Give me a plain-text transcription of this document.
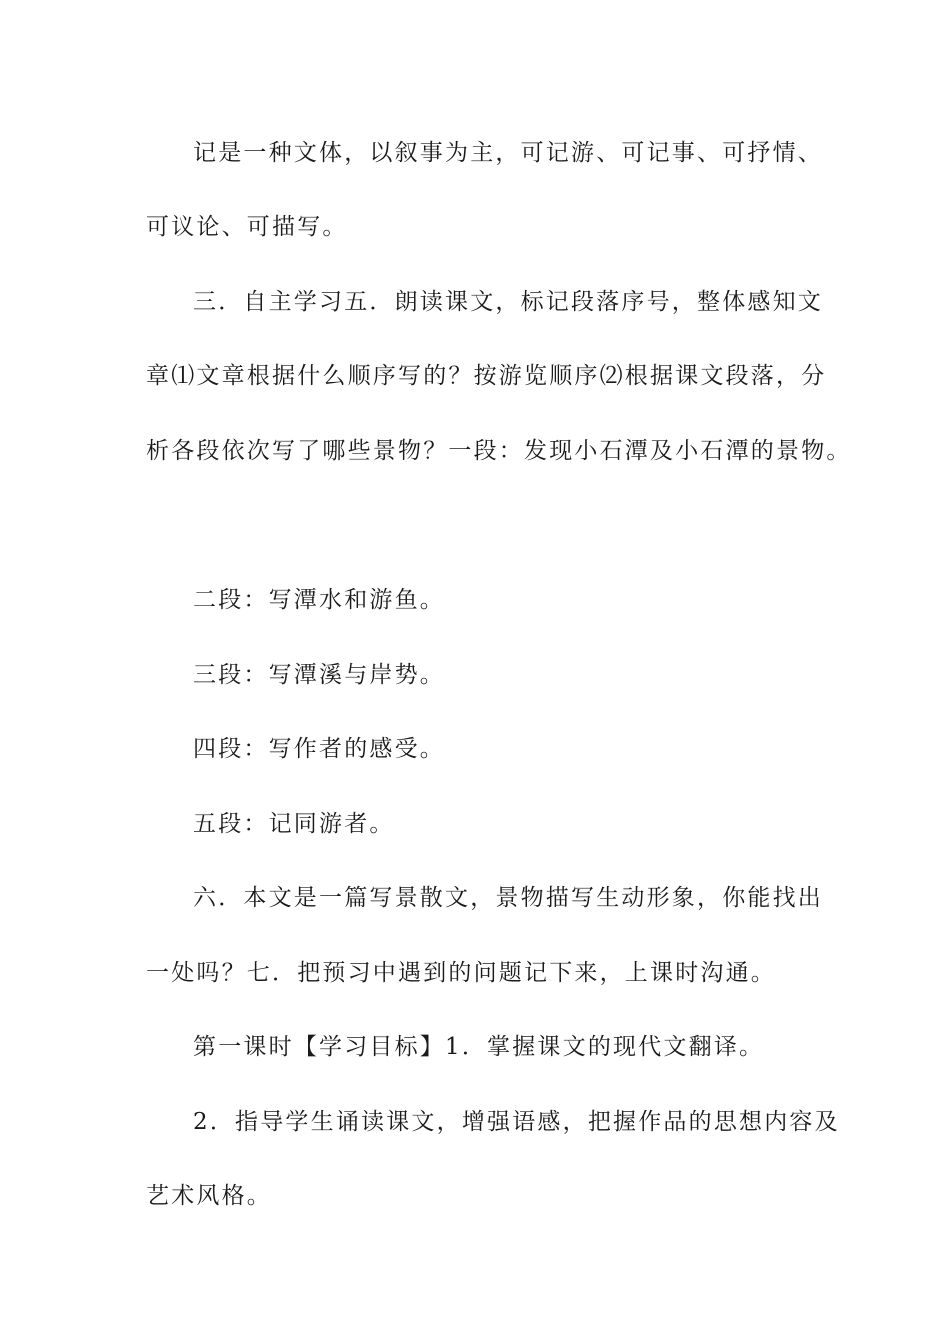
记是一种文体，以叙事为主，可记游、可记事、可抒情、
可议论、可描写。
三．自主学习五．朗读课文，标记段落序号，整体感知文
章⑴文章根据什么顺序写的？按游览顺序⑵根据课文段落，分
析各段依次写了哪些景物？一段：发现小石潭及小石潭的景物。
二段：写潭水和游鱼。
三段：写潭溪与岸势。
四段：写作者的感受。
五段：记同游者。
六．本文是一篇写景散文，景物描写生动形象，你能找出
一处吗？七．把预习中遇到的问题记下来，上课时沟通。
第一课时【学习目标】1．掌握课文的现代文翻译。
2．指导学生诵读课文，增强语感，把握作品的思想内容及
艺术风格。
